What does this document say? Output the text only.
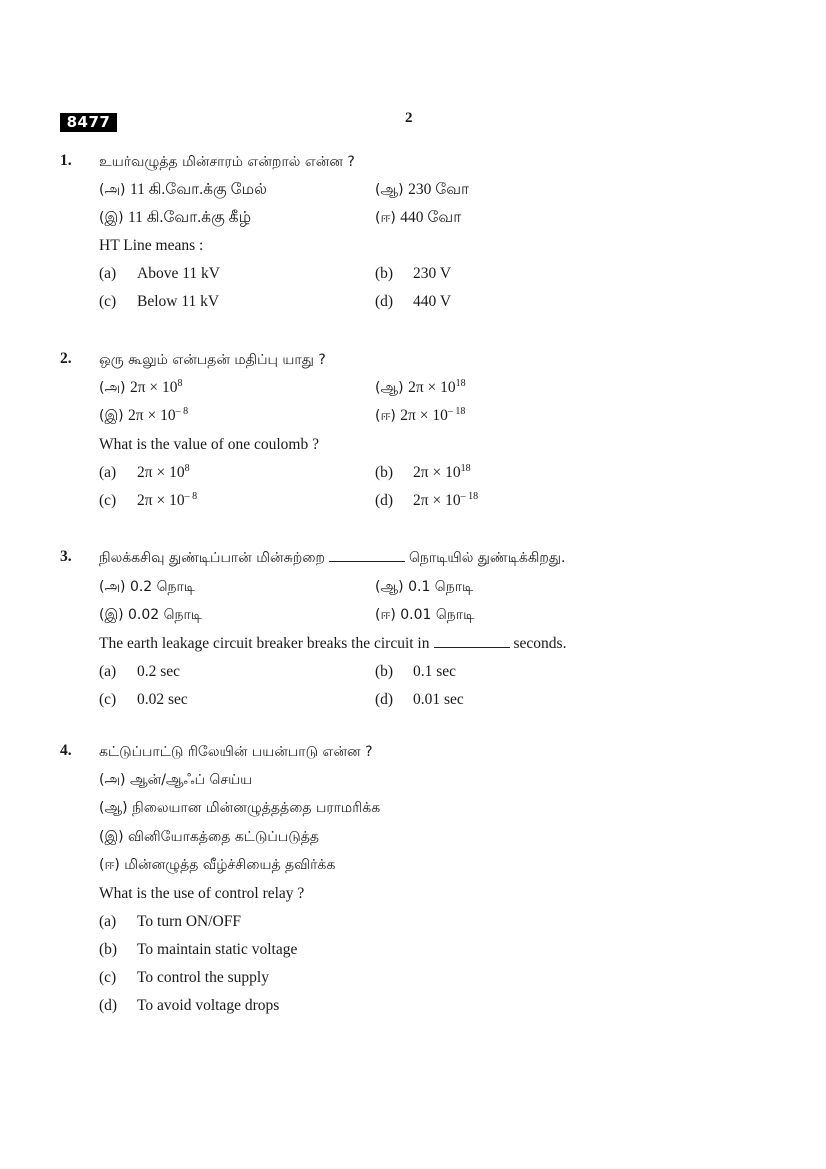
8477	2
1. உயர்வழுத்த மின்சாரம் என்றால் என்ன ?
(அ) 11 கி.வோ.க்கு மேல்	(ஆ) 230 வோ
(இ) 11 கி.வோ.க்கு கீழ்	(ஈ) 440 வோ
HT Line means :
(a) Above 11 kV	(b) 230 V
(c) Below 11 kV	(d) 440 V
2. ஒரு கூலும் என்பதன் மதிப்பு யாது ?
(அ) $2\pi \times 10^8$	(ஆ) $2\pi \times 10^{18}$
(இ) $2\pi \times 10^{- 8}$	(ஈ) $2\pi \times 10^{- 18}$
What is the value of one coulomb ?
(a) $2\pi \times 10^8$	(b) $2\pi \times 10^{18}$
(c) $2\pi \times 10^{- 8}$	(d) $2\pi \times 10^{- 18}$
3. நிலக்கசிவு துண்டிப்பான் மின்சுற்றை	நொடியில் துண்டிக்கிறது.
(அ) 0.2 நொடி	(ஆ) 0.1 நொடி
(இ) 0.02 நொடி	(ஈ) 0.01 நொடி
The earth leakage circuit breaker breaks the circuit in	seconds.
(a) 0.2 sec	(b) 0.1 sec
(c) 0.02 sec	(d) 0.01 sec
4. கட்டுப்பாட்டு ரிலேயின் பயன்பாடு என்ன ?
(அ) ஆன்/ஆஃப் செய்ய
(ஆ) நிலையான மின்னழுத்தத்தை பராமரிக்க
(இ) வினியோகத்தை கட்டுப்படுத்த
(ஈ) மின்னழுத்த வீழ்ச்சியைத் தவிர்க்க
What is the use of control relay ?
(a) To turn ON/OFF
(b) To maintain static voltage
(c) To control the supply
(d) To avoid voltage drops
